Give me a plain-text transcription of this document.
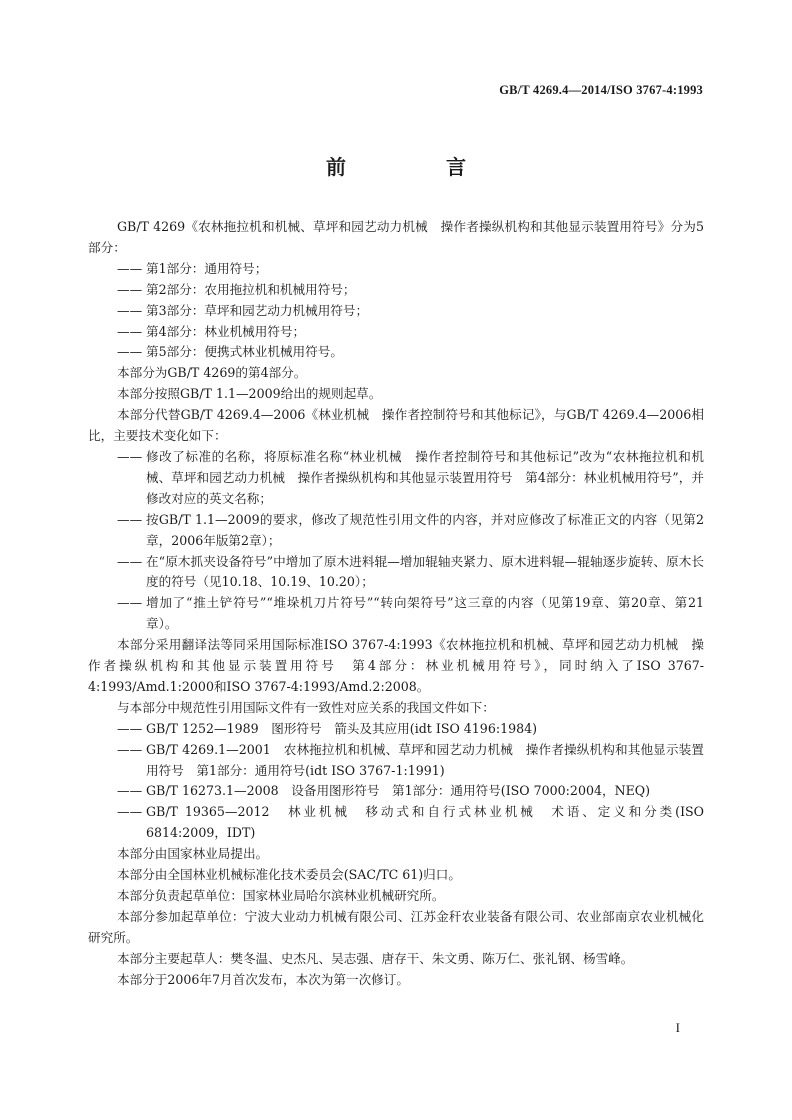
GB/T 4269.4—2014/ISO 3767-4:1993
前　言

GB/T 4269《农林拖拉机和机械、草坪和园艺动力机械　操作者操纵机构和其他显示装置用符号》分为5部分：

—— 第1部分：通用符号；

—— 第2部分：农用拖拉机和机械用符号；

—— 第3部分：草坪和园艺动力机械用符号；

—— 第4部分：林业机械用符号；

—— 第5部分：便携式林业机械用符号。

本部分为GB/T 4269的第4部分。

本部分按照GB/T 1.1—2009给出的规则起草。

本部分代替GB/T 4269.4—2006《林业机械　操作者控制符号和其他标记》，与GB/T 4269.4—2006相比，主要技术变化如下：

—— 修改了标准的名称，将原标准名称“林业机械　操作者控制符号和其他标记”改为“农林拖拉机和机械、草坪和园艺动力机械　操作者操纵机构和其他显示装置用符号　第4部分：林业机械用符号”，并修改对应的英文名称；

—— 按GB/T 1.1—2009的要求，修改了规范性引用文件的内容，并对应修改了标准正文的内容（见第2章，2006年版第2章）；

—— 在“原木抓夹设备符号”中增加了原木进料辊—增加辊轴夹紧力、原木进料辊—辊轴逐步旋转、原木长度的符号（见10.18、10.19、10.20）；

—— 增加了“推土铲符号”“堆垛机刀片符号”“转向架符号”这三章的内容（见第19章、第20章、第21章）。

本部分采用翻译法等同采用国际标准ISO 3767-4:1993《农林拖拉机和机械、草坪和园艺动力机械　操作者操纵机构和其他显示装置用符号　第4部分：林业机械用符号》，同时纳入了ISO 3767-4:1993/Amd.1:2000和ISO 3767-4:1993/Amd.2:2008。

与本部分中规范性引用国际文件有一致性对应关系的我国文件如下：

—— GB/T 1252—1989　图形符号　箭头及其应用(idt ISO 4196:1984)

—— GB/T 4269.1—2001　农林拖拉机和机械、草坪和园艺动力机械　操作者操纵机构和其他显示装置用符号　第1部分：通用符号(idt ISO 3767-1:1991)

—— GB/T 16273.1—2008　设备用图形符号　第1部分：通用符号(ISO 7000:2004，NEQ)

—— GB/T 19365—2012　林业机械　移动式和自行式林业机械　术语、定义和分类(ISO 6814:2009，IDT)

本部分由国家林业局提出。

本部分由全国林业机械标准化技术委员会(SAC/TC 61)归口。

本部分负责起草单位：国家林业局哈尔滨林业机械研究所。

本部分参加起草单位：宁波大业动力机械有限公司、江苏金秆农业装备有限公司、农业部南京农业机械化研究所。

本部分主要起草人：樊冬温、史杰凡、吴志强、唐存干、朱文勇、陈万仁、张礼钢、杨雪峰。

本部分于2006年7月首次发布，本次为第一次修订。

I
